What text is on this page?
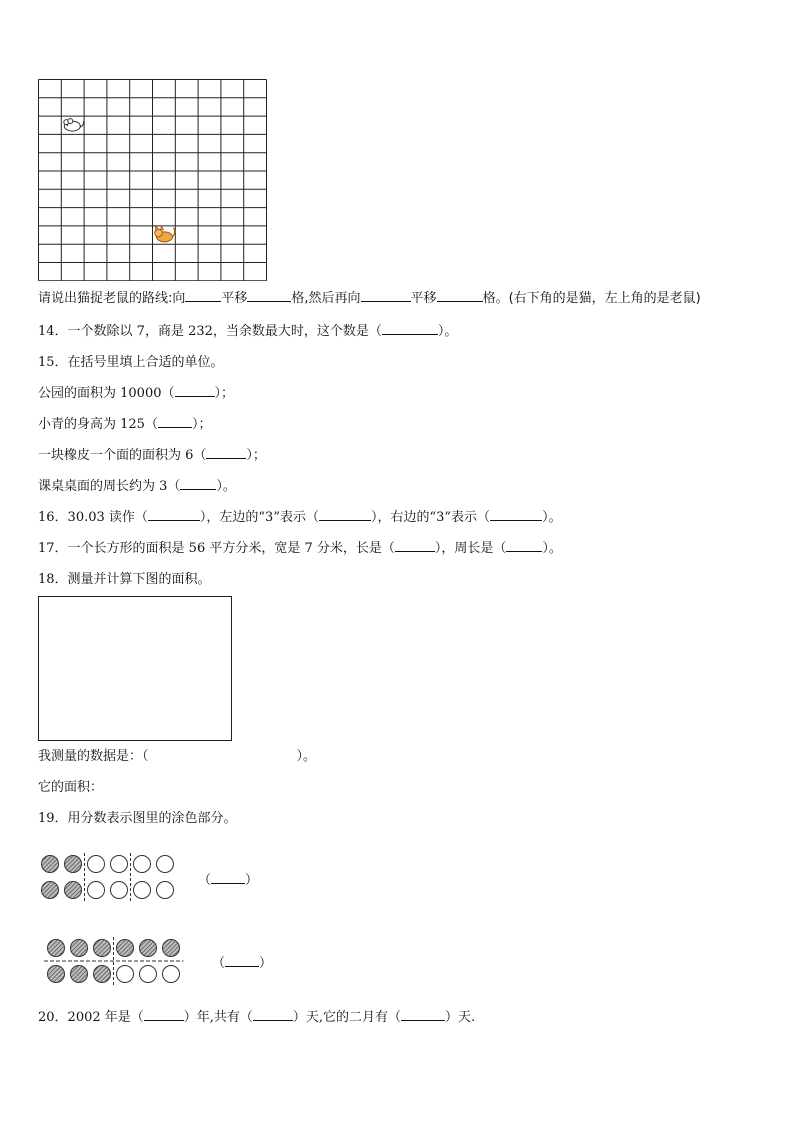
请说出猫捉老鼠的路线:向	平移	格,然后再向	平移	格。(右下角的是猫，左上角的是老鼠)
14．一个数除以 7，商是 232，当余数最大时，这个数是（	）。
15．在括号里填上合适的单位。
公园的面积为 10000（	）；
小青的身高为 125（	）；
一块橡皮一个面的面积为 6（	）；
课桌桌面的周长约为 3（	）。
16．30.03 读作（	），左边的“3”表示（	），右边的“3”表示（	）。
17．一个长方形的面积是 56 平方分米，宽是 7 分米，长是（	），周长是（	）。
18．测量并计算下图的面积。
我测量的数据是：（	）。
它的面积：
19．用分数表示图里的涂色部分。
（	）
（	）
20．2002 年是（	）年,共有（	）天,它的二月有（	）天.
